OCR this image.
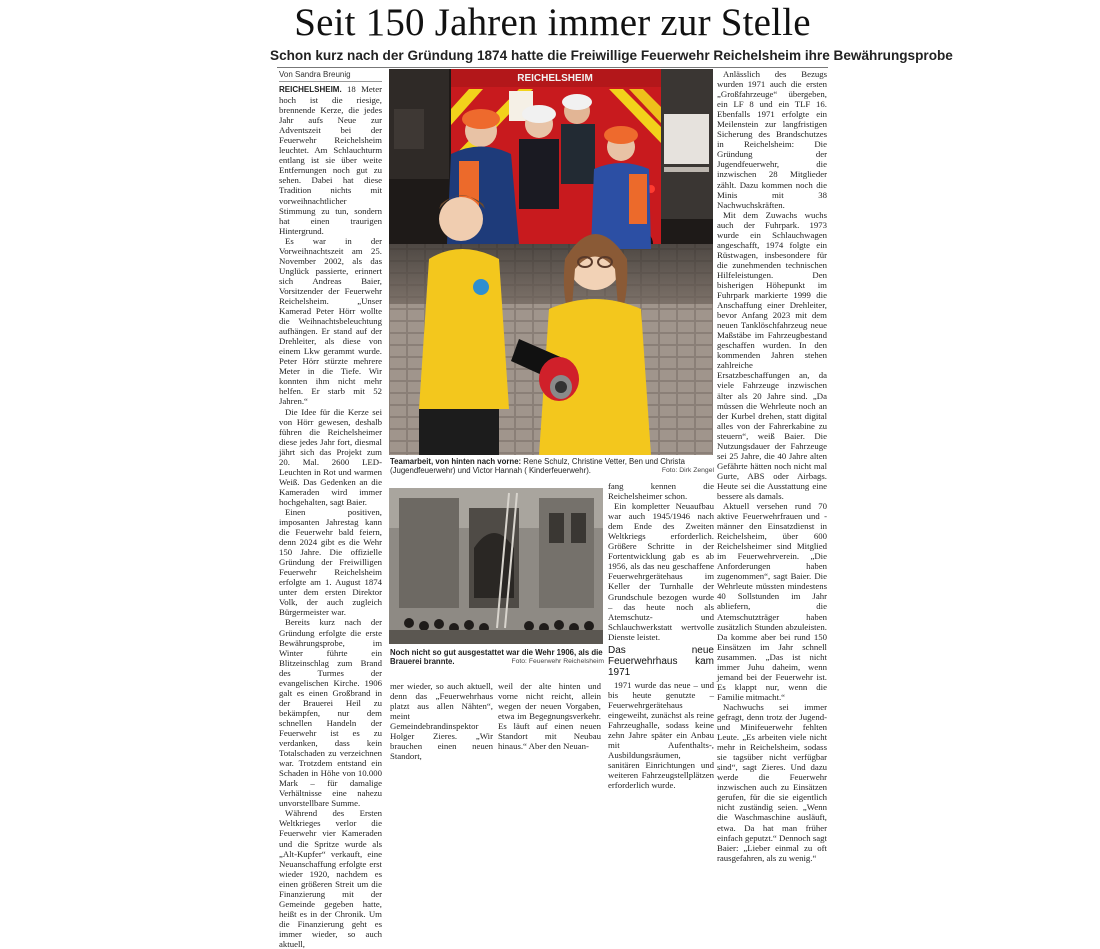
Seit 150 Jahren immer zur Stelle
Schon kurz nach der Gründung 1874 hatte die Freiwillige Feuerwehr Reichelsheim ihre Bewährungsprobe
Von Sandra Breunig

REICHELSHEIM. 18 Meter hoch ist die riesige, brennende Kerze, die jedes Jahr aufs Neue zur Adventszeit bei der Feuerwehr Reichelsheim leuchtet. Am Schlauchturm entlang ist sie über weite Entfernungen noch gut zu sehen. Dabei hat diese Tradition nichts mit vorweihnachtlicher Stimmung zu tun, sondern hat einen traurigen Hintergrund.

Es war in der Vorweihnachtszeit am 25. November 2002, als das Unglück passierte, erinnert sich Andreas Baier, Vorsitzender der Feuerwehr Reichelsheim. „Unser Kamerad Peter Hörr wollte die Weihnachtsbeleuchtung aufhängen. Er stand auf der Drehleiter, als diese von einem Lkw gerammt wurde. Peter Hörr stürzte mehrere Meter in die Tiefe. Wir konnten ihm nicht mehr helfen. Er starb mit 52 Jahren.“

Die Idee für die Kerze sei von Hörr gewesen, deshalb führen die Reichelsheimer diese jedes Jahr fort, diesmal jährt sich das Projekt zum 20. Mal. 2600 LED-Leuchten in Rot und warmen Weiß. Das Gedenken an die Kameraden wird immer hochgehalten, sagt Baier.

Einen positiven, imposanten Jahrestag kann die Feuerwehr bald feiern, denn 2024 gibt es die Wehr 150 Jahre. Die offizielle Gründung der Freiwilligen Feuerwehr Reichelsheim erfolgte am 1. August 1874 unter dem ersten Direktor Volk, der auch zugleich Bürgermeister war.

Bereits kurz nach der Gründung erfolgte die erste Bewährungsprobe, im Winter führte ein Blitzeinschlag zum Brand des Turmes der evangelischen Kirche. 1906 galt es einen Großbrand in der Brauerei Heil zu bekämpfen, nur dem schnellen Handeln der Feuerwehr ist es zu verdanken, dass kein Totalschaden zu verzeichnen war. Trotzdem entstand ein Schaden in Höhe von 10.000 Mark – für damalige Verhältnisse eine nahezu unvorstellbare Summe.

Während des Ersten Weltkrieges verlor die Feuerwehr vier Kameraden und die Spritze wurde als „Alt-Kupfer“ verkauft, eine Neuanschaffung erfolgte erst wieder 1920, nachdem es einen größeren Streit um die Finanzierung mit der Gemeinde gegeben hatte, heißt es in der Chronik. Um die Finanzierung geht es immer wieder, so auch aktuell,

REICHELSHEIM
Teamarbeit, von hinten nach vorne: Rene Schulz, Christine Vetter, Ben und Christa (Jugendfeuerwehr) und Victor Hannah ( Kinderfeuerwehr).	Foto: Dirk Zengel
Noch nicht so gut ausgestattet war die Wehr 1906, als die Brauerei brannte.	Foto: Feuerwehr Reichelsheim

mer wieder, so auch aktuell, denn das „Feuerwehrhaus platzt aus allen Nähten“, meint Gemeindebrandinspektor Holger Zieres. „Wir brauchen einen neuen Standort,

weil der alte hinten und vorne nicht reicht, allein wegen der neuen Vorgaben, etwa im Begegnungsverkehr. Es läuft auf einen neuen Standort mit Neubau hinaus.“ Aber den Neuan-

fang kennen die Reichelsheimer schon.

Ein kompletter Neuaufbau war auch 1945/1946 nach dem Ende des Zweiten Weltkriegs erforderlich. Größere Schritte in der Fortentwicklung gab es ab 1956, als das neu geschaffene Feuerwehrgerätehaus im Keller der Turnhalle der Grundschule bezogen wurde – das heute noch als Atemschutz- und Schlauchwerkstatt wertvolle Dienste leistet.

Das neue Feuerwehrhaus kam 1971

1971 wurde das neue – und bis heute genutzte – Feuerwehrgerätehaus eingeweiht, zunächst als reine Fahrzeughalle, sodass keine zehn Jahre später ein Anbau mit Aufenthalts-, Ausbildungsräumen, sanitären Einrichtungen und weiteren Fahrzeugstellplätzen erforderlich wurde.

Anlässlich des Bezugs wurden 1971 auch die ersten „Großfahrzeuge“ übergeben, ein LF 8 und ein TLF 16. Ebenfalls 1971 erfolgte ein Meilenstein zur langfristigen Sicherung des Brandschutzes in Reichelsheim: Die Gründung der Jugendfeuerwehr, die inzwischen 28 Mitglieder zählt. Dazu kommen noch die Minis mit 38 Nachwuchskräften.

Mit dem Zuwachs wuchs auch der Fuhrpark. 1973 wurde ein Schlauchwagen angeschafft, 1974 folgte ein Rüstwagen, insbesondere für die zunehmenden technischen Hilfeleistungen. Den bisherigen Höhepunkt im Fuhrpark markierte 1999 die Anschaffung einer Drehleiter, bevor Anfang 2023 mit dem neuen Tanklöschfahrzeug neue Maßstäbe im Fahrzeugbestand geschaffen wurden. In den kommenden Jahren stehen zahlreiche Ersatzbeschaffungen an, da viele Fahrzeuge inzwischen älter als 20 Jahre sind. „Da müssen die Wehrleute noch an der Kurbel drehen, statt digital alles von der Fahrerkabine zu steuern“, weiß Baier. Die Nutzungsdauer der Fahrzeuge sei 25 Jahre, die 40 Jahre alten Gefährte hätten noch nicht mal Gurte, ABS oder Airbags. Heute sei die Ausstattung eine bessere als damals.

Aktuell versehen rund 70 aktive Feuerwehrfrauen und -männer den Einsatzdienst in Reichelsheim, über 600 Reichelsheimer sind Mitglied im Feuerwehrverein. „Die Anforderungen haben zugenommen“, sagt Baier. Die Wehrleute müssten mindestens 40 Sollstunden im Jahr abliefern, die Atemschutzträger haben zusätzlich Stunden abzuleisten. Da komme aber bei rund 150 Einsätzen im Jahr schnell zusammen. „Das ist nicht immer Juhu daheim, wenn jemand bei der Feuerwehr ist. Es klappt nur, wenn die Familie mitmacht.“

Nachwuchs sei immer gefragt, denn trotz der Jugend- und Minifeuerwehr fehlten Leute. „Es arbeiten viele nicht mehr in Reichelsheim, sodass sie tagsüber nicht verfügbar sind“, sagt Zieres. Und dazu werde die Feuerwehr inzwischen auch zu Einsätzen gerufen, für die sie eigentlich nicht zuständig seien. „Wenn die Waschmaschine ausläuft, etwa. Da hat man früher einfach geputzt.“ Dennoch sagt Baier: „Lieber einmal zu oft rausgefahren, als zu wenig.“
